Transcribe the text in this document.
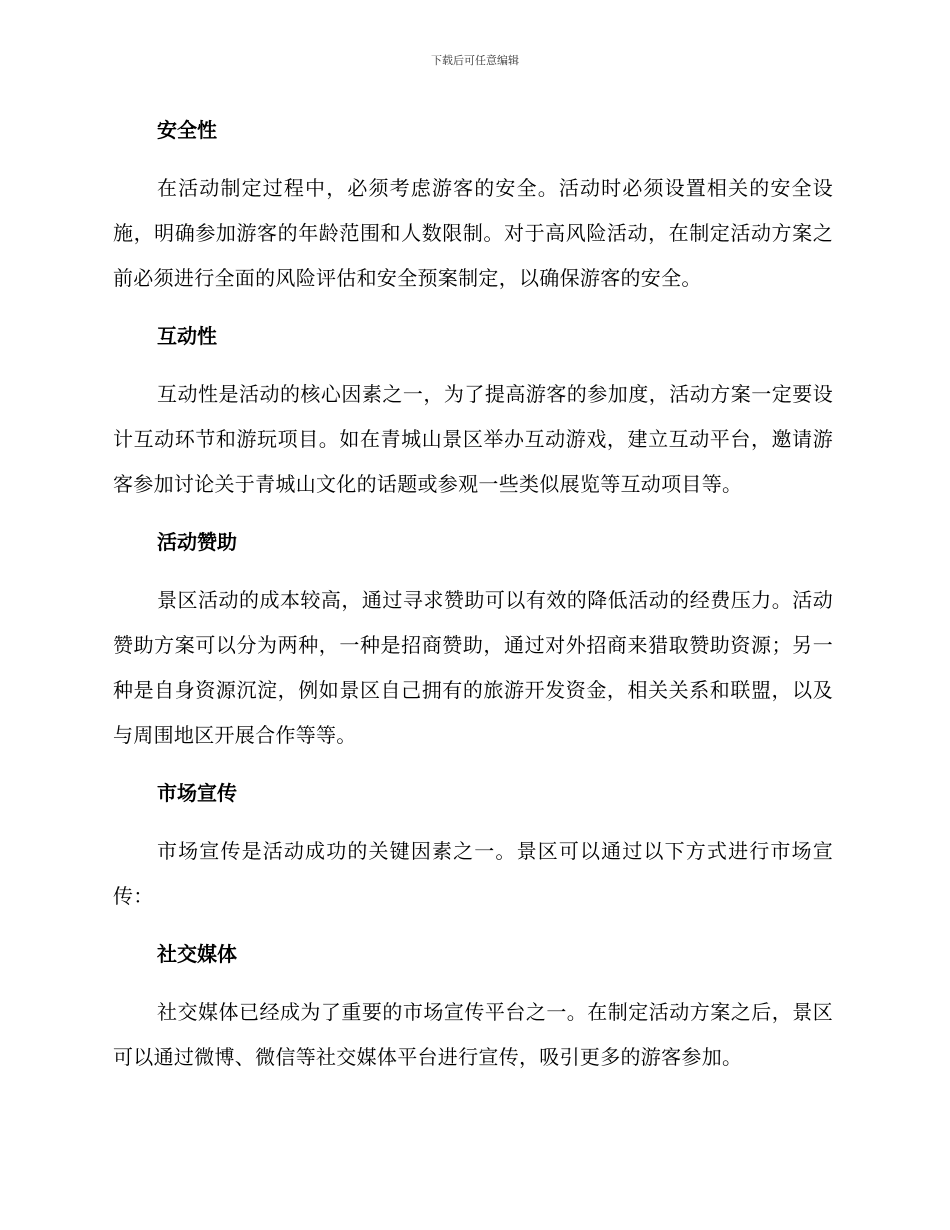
下载后可任意编辑
安全性

在活动制定过程中，必须考虑游客的安全。活动时必须设置相关的安全设施，明确参加游客的年龄范围和人数限制。对于高风险活动，在制定活动方案之前必须进行全面的风险评估和安全预案制定，以确保游客的安全。

互动性

互动性是活动的核心因素之一，为了提高游客的参加度，活动方案一定要设计互动环节和游玩项目。如在青城山景区举办互动游戏，建立互动平台，邀请游客参加讨论关于青城山文化的话题或参观一些类似展览等互动项目等。

活动赞助

景区活动的成本较高，通过寻求赞助可以有效的降低活动的经费压力。活动赞助方案可以分为两种，一种是招商赞助，通过对外招商来猎取赞助资源；另一种是自身资源沉淀，例如景区自己拥有的旅游开发资金，相关关系和联盟，以及与周围地区开展合作等等。

市场宣传

市场宣传是活动成功的关键因素之一。景区可以通过以下方式进行市场宣传：

社交媒体

社交媒体已经成为了重要的市场宣传平台之一。在制定活动方案之后，景区可以通过微博、微信等社交媒体平台进行宣传，吸引更多的游客参加。
